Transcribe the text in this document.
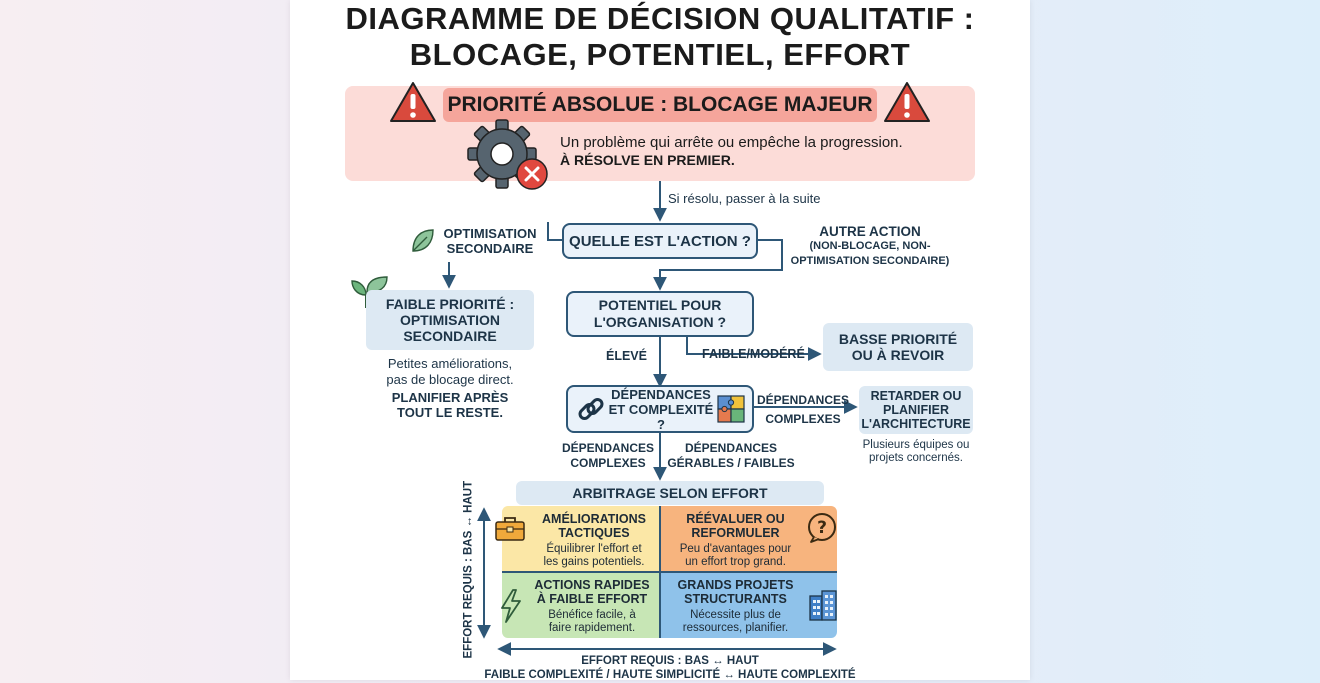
DIAGRAMME DE DÉCISION QUALITATIF :
BLOCAGE, POTENTIEL, EFFORT
PRIORITÉ ABSOLUE : BLOCAGE MAJEUR
Un problème qui arrête ou empêche la progression.
À RÉSOLVE EN PREMIER.
Si résolu, passer à la suite
QUELLE EST L'ACTION ?
OPTIMISATION
SECONDAIRE
AUTRE ACTION
(NON-BLOCAGE, NON-
OPTIMISATION SECONDAIRE)
FAIBLE PRIORITÉ :
OPTIMISATION
SECONDAIRE
Petites améliorations,
pas de blocage direct.
PLANIFIER APRÈS
TOUT LE RESTE.
POTENTIEL POUR
L'ORGANISATION ?
ÉLEVÉ	FAIBLE/MODÉRÉ
BASSE PRIORITÉ
OU À REVOIR
DÉPENDANCES
ET COMPLEXITÉ ?
DÉPENDANCES
COMPLEXES
RETARDER OU
PLANIFIER
L'ARCHITECTURE
Plusieurs équipes ou
projets concernés.
DÉPENDANCES
COMPLEXES
DÉPENDANCES
GÉRABLES / FAIBLES
ARBITRAGE SELON EFFORT
AMÉLIORATIONS
TACTIQUES
Équilibrer l'effort et
les gains potentiels.
RÉÉVALUER OU
REFORMULER
Peu d'avantages pour
un effort trop grand.
ACTIONS RAPIDES
À FAIBLE EFFORT
Bénéfice facile, à
faire rapidement.
GRANDS PROJETS
STRUCTURANTS
Nécessite plus de
ressources, planifier.
?
EFFORT REQUIS : BAS ↔ HAUT
EFFORT REQUIS : BAS ↔ HAUT
FAIBLE COMPLEXITÉ / HAUTE SIMPLICITÉ ↔ HAUTE COMPLEXITÉ
